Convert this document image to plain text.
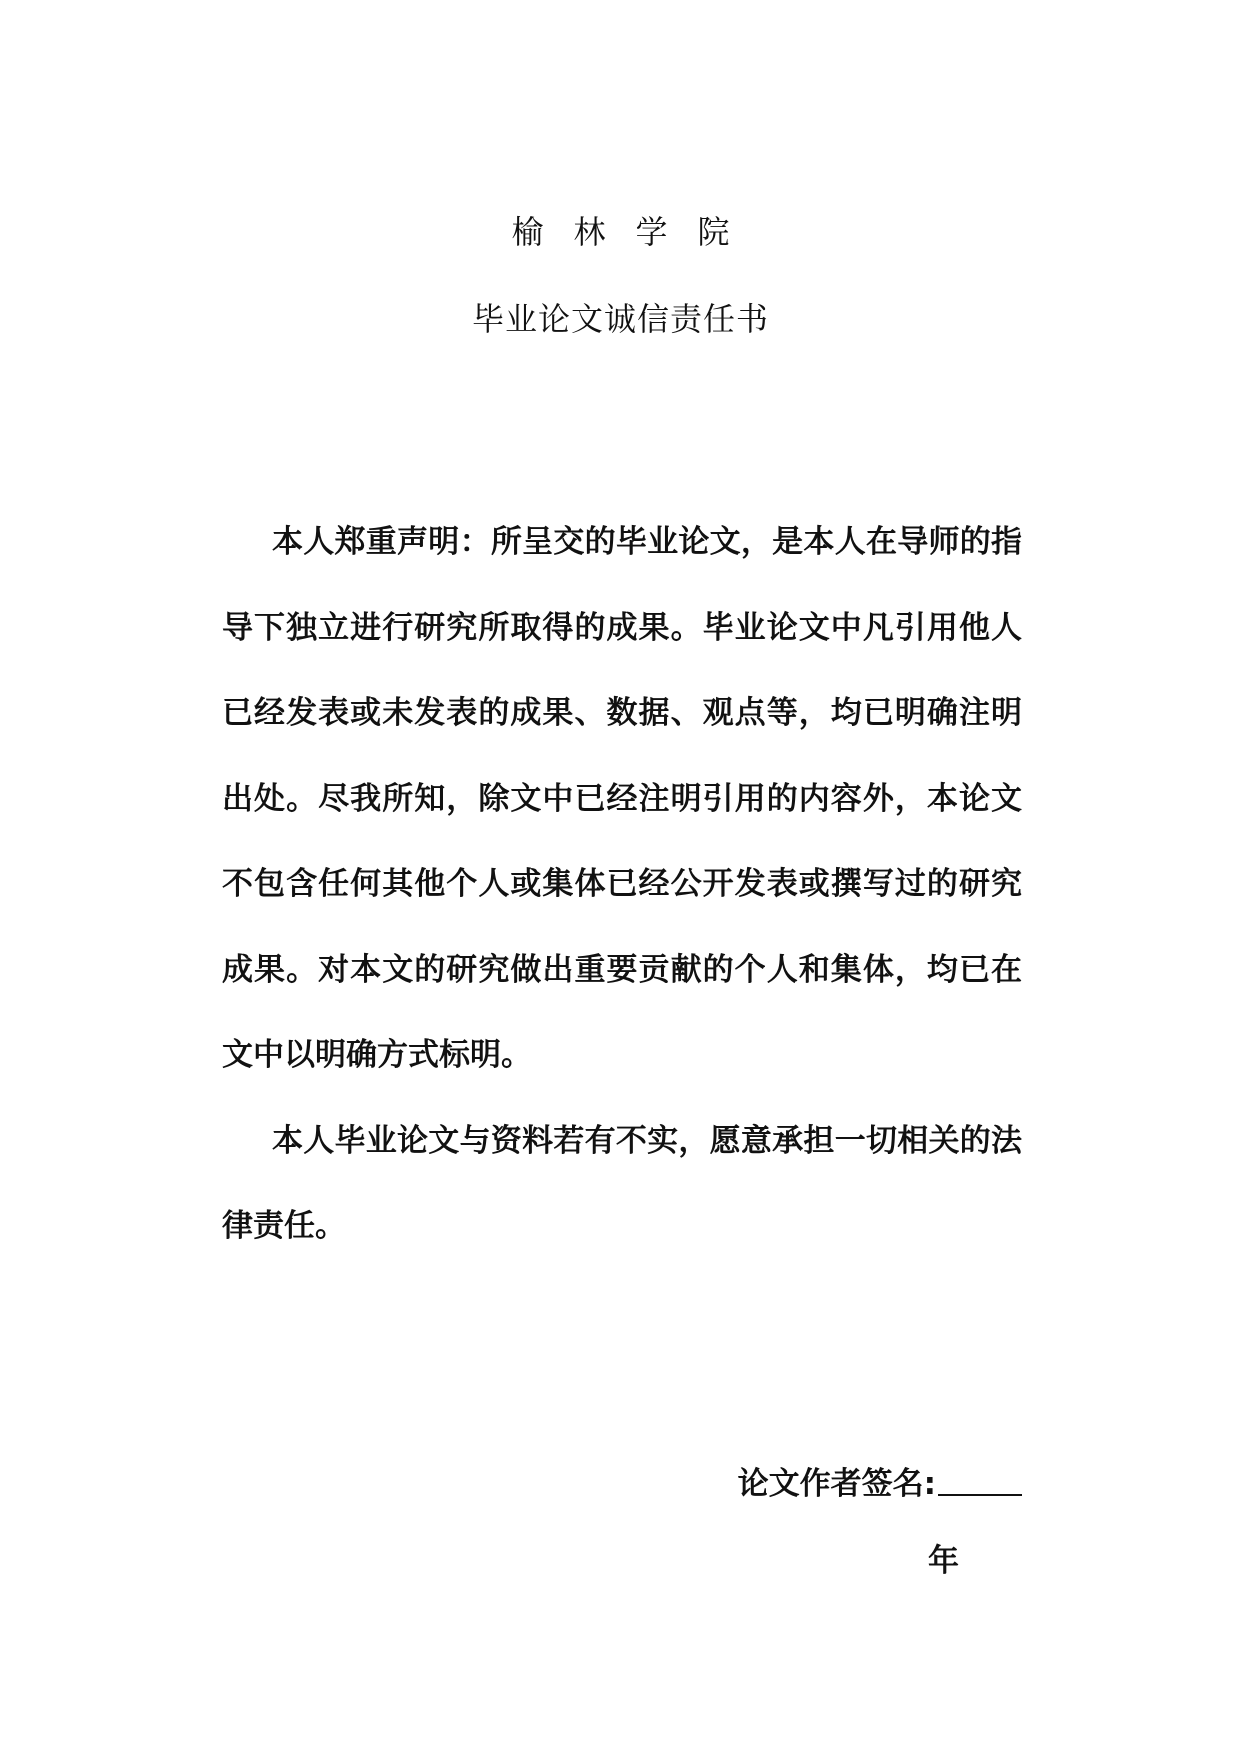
榆林学院
毕业论文诚信责任书

本人郑重声明：所呈交的毕业论文，是本人在导师的指导下独立进行研究所取得的成果。毕业论文中凡引用他人已经发表或未发表的成果、数据、观点等，均已明确注明出处。尽我所知，除文中已经注明引用的内容外，本论文不包含任何其他个人或集体已经公开发表或撰写过的研究成果。对本文的研究做出重要贡献的个人和集体，均已在文中以明确方式标明。

本人毕业论文与资料若有不实，愿意承担一切相关的法律责任。

论文作者签名:
年
